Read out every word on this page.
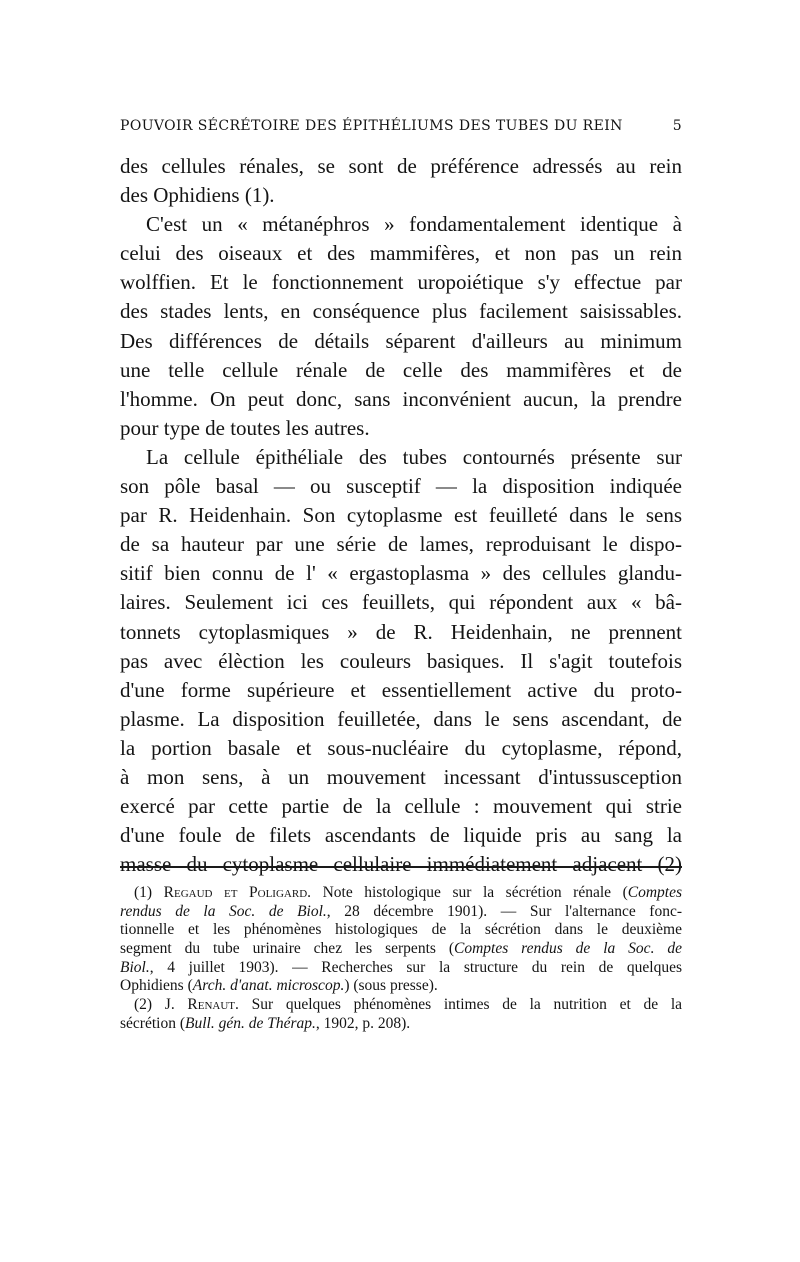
POUVOIR SÉCRÉTOIRE DES ÉPITHÉLIUMS DES TUBES DU REIN	5
des cellules rénales, se sont de préférence adressés au rein
des Ophidiens (1).
C'est un « métanéphros » fondamentalement identique à
celui des oiseaux et des mammifères, et non pas un rein
wolffien. Et le fonctionnement uropoiétique s'y effectue par
des stades lents, en conséquence plus facilement saisissables.
Des différences de détails séparent d'ailleurs au minimum
une telle cellule rénale de celle des mammifères et de
l'homme. On peut donc, sans inconvénient aucun, la prendre
pour type de toutes les autres.
La cellule épithéliale des tubes contournés présente sur
son pôle basal — ou susceptif — la disposition indiquée
par R. Heidenhain. Son cytoplasme est feuilleté dans le sens
de sa hauteur par une série de lames, reproduisant le dispo-
sitif bien connu de l' « ergastoplasma » des cellules glandu-
laires. Seulement ici ces feuillets, qui répondent aux « bâ-
tonnets cytoplasmiques » de R. Heidenhain, ne prennent
pas avec élèction les couleurs basiques. Il s'agit toutefois
d'une forme supérieure et essentiellement active du proto-
plasme. La disposition feuilletée, dans le sens ascendant, de
la portion basale et sous-nucléaire du cytoplasme, répond,
à mon sens, à un mouvement incessant d'intussusception
exercé par cette partie de la cellule : mouvement qui strie
d'une foule de filets ascendants de liquide pris au sang la
masse du cytoplasme cellulaire immédiatement adjacent (2)
(1) Regaud et Poligard. Note histologique sur la sécrétion rénale (Comptes
rendus de la Soc. de Biol., 28 décembre 1901). — Sur l'alternance fonc-
tionnelle et les phénomènes histologiques de la sécrétion dans le deuxième
segment du tube urinaire chez les serpents (Comptes rendus de la Soc. de
Biol., 4 juillet 1903). — Recherches sur la structure du rein de quelques
Ophidiens (Arch. d'anat. microscop.) (sous presse).
(2) J. Renaut. Sur quelques phénomènes intimes de la nutrition et de la
sécrétion (Bull. gén. de Thérap., 1902, p. 208).
